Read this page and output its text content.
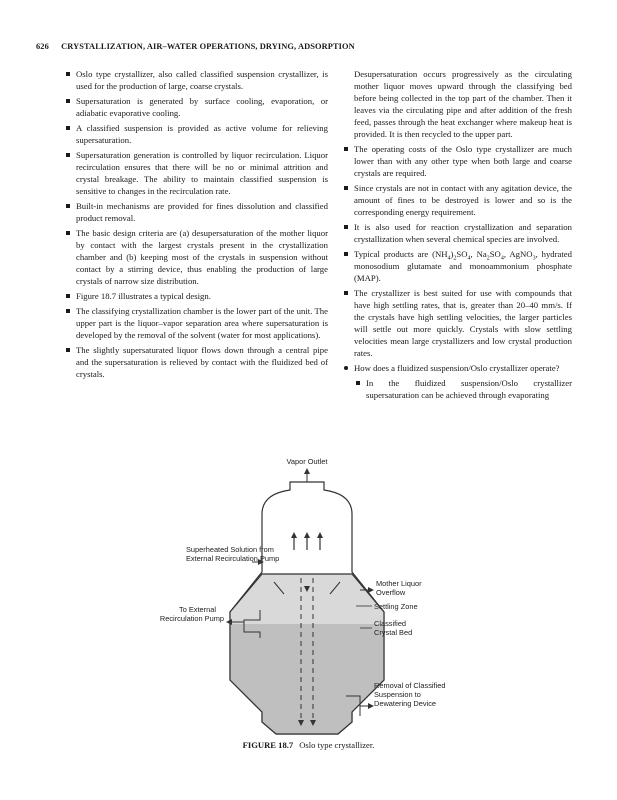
626 CRYSTALLIZATION, AIR–WATER OPERATIONS, DRYING, ADSORPTION

Oslo type crystallizer, also called classified suspension crystallizer, is used for the production of large, coarse crystals.

Supersaturation is generated by surface cooling, evaporation, or adiabatic evaporative cooling.

A classified suspension is provided as active volume for relieving supersaturation.

Supersaturation generation is controlled by liquor recirculation. Liquor recirculation ensures that there will be no or minimal attrition and crystal breakage. The ability to maintain classified suspension is sensitive to changes in the recirculation rate.

Built-in mechanisms are provided for fines dissolution and classified product removal.

The basic design criteria are (a) desupersaturation of the mother liquor by contact with the largest crystals present in the crystallization chamber and (b) keeping most of the crystals in suspension without contact by a stirring device, thus enabling the production of large crystals of narrow size distribution.

Figure 18.7 illustrates a typical design.

The classifying crystallization chamber is the lower part of the unit. The upper part is the liquor–vapor separation area where supersaturation is developed by the removal of the solvent (water for most applications).

The slightly supersaturated liquor flows down through a central pipe and the supersaturation is relieved by contact with the fluidized bed of crystals.

Desupersaturation occurs progressively as the circulating mother liquor moves upward through the classifying bed before being collected in the top part of the chamber. Then it leaves via the circulating pipe and after addition of the fresh feed, passes through the heat exchanger where makeup heat is provided. It is then recycled to the upper part.

The operating costs of the Oslo type crystallizer are much lower than with any other type when both large and coarse crystals are required.

Since crystals are not in contact with any agitation device, the amount of fines to be destroyed is lower and so is the corresponding energy requirement.

It is also used for reaction crystallization and separation crystallization when several chemical species are involved.

Typical products are $(NH_4)_2SO_4$, $Na_2SO_4$, AgNO$_3$, hydrated monosodium glutamate and monoammonium phosphate (MAP).

The crystallizer is best suited for use with compounds that have high settling rates, that is, greater than 20–40 mm/s. If the crystals have high settling velocities, the larger particles will settle out more quickly. Crystals with slow settling velocities mean large crystallizers and low crystal production rates.

How does a fluidized suspension/Oslo crystallizer operate?

In the fluidized suspension/Oslo crystallizer supersaturation can be achieved through evaporating

Vapor Outlet
Superheated Solution from
External Recirculation Pump
To External
Recirculation Pump
Mother Liquor
Overflow
Settling Zone
Classified
Crystal Bed
Removal of Classified
Suspension to
Dewatering Device
FIGURE 18.7 Oslo type crystallizer.
